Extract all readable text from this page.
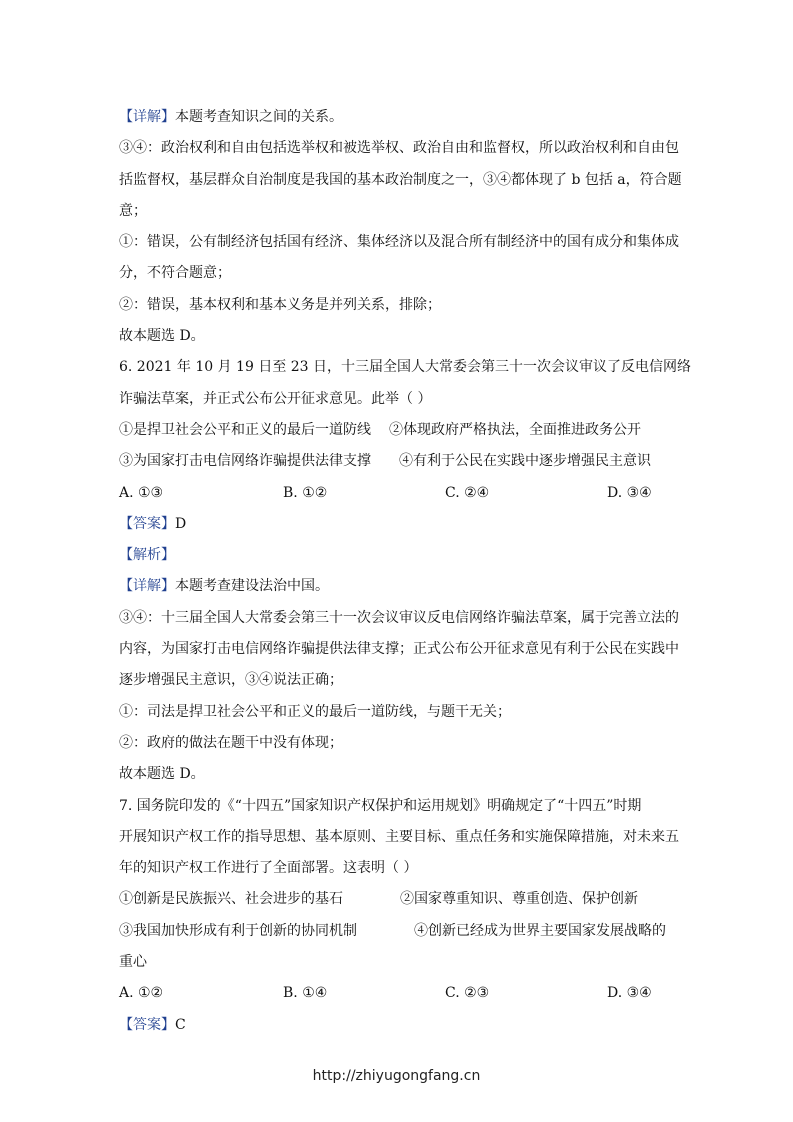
【详解】本题考查知识之间的关系。
③④：政治权利和自由包括选举权和被选举权、政治自由和监督权，所以政治权利和自由包
括监督权，基层群众自治制度是我国的基本政治制度之一，③④都体现了 b 包括 a，符合题
意；
①：错误，公有制经济包括国有经济、集体经济以及混合所有制经济中的国有成分和集体成
分，不符合题意；
②：错误，基本权利和基本义务是并列关系，排除；
故本题选 D。
6. 2021 年 10 月 19 日至 23 日，十三届全国人大常委会第三十一次会议审议了反电信网络
诈骗法草案，并正式公布公开征求意见。此举（ ）
①是捍卫社会公平和正义的最后一道防线	②体现政府严格执法，全面推进政务公开
③为国家打击电信网络诈骗提供法律支撑	④有利于公民在实践中逐步增强民主意识
A. ①③	B. ①②	C. ②④	D. ③④
【答案】D
【解析】
【详解】本题考查建设法治中国。
③④：十三届全国人大常委会第三十一次会议审议反电信网络诈骗法草案，属于完善立法的
内容，为国家打击电信网络诈骗提供法律支撑；正式公布公开征求意见有利于公民在实践中
逐步增强民主意识，③④说法正确；
①：司法是捍卫社会公平和正义的最后一道防线，与题干无关；
②：政府的做法在题干中没有体现；
故本题选 D。
7. 国务院印发的《“十四五”国家知识产权保护和运用规划》明确规定了“十四五”时期
开展知识产权工作的指导思想、基本原则、主要目标、重点任务和实施保障措施，对未来五
年的知识产权工作进行了全面部署。这表明（ ）
①创新是民族振兴、社会进步的基石	②国家尊重知识、尊重创造、保护创新
③我国加快形成有利于创新的协同机制	④创新已经成为世界主要国家发展战略的
重心
A. ①②	B. ①④	C. ②③	D. ③④
【答案】C
http://zhiyugongfang.cn
